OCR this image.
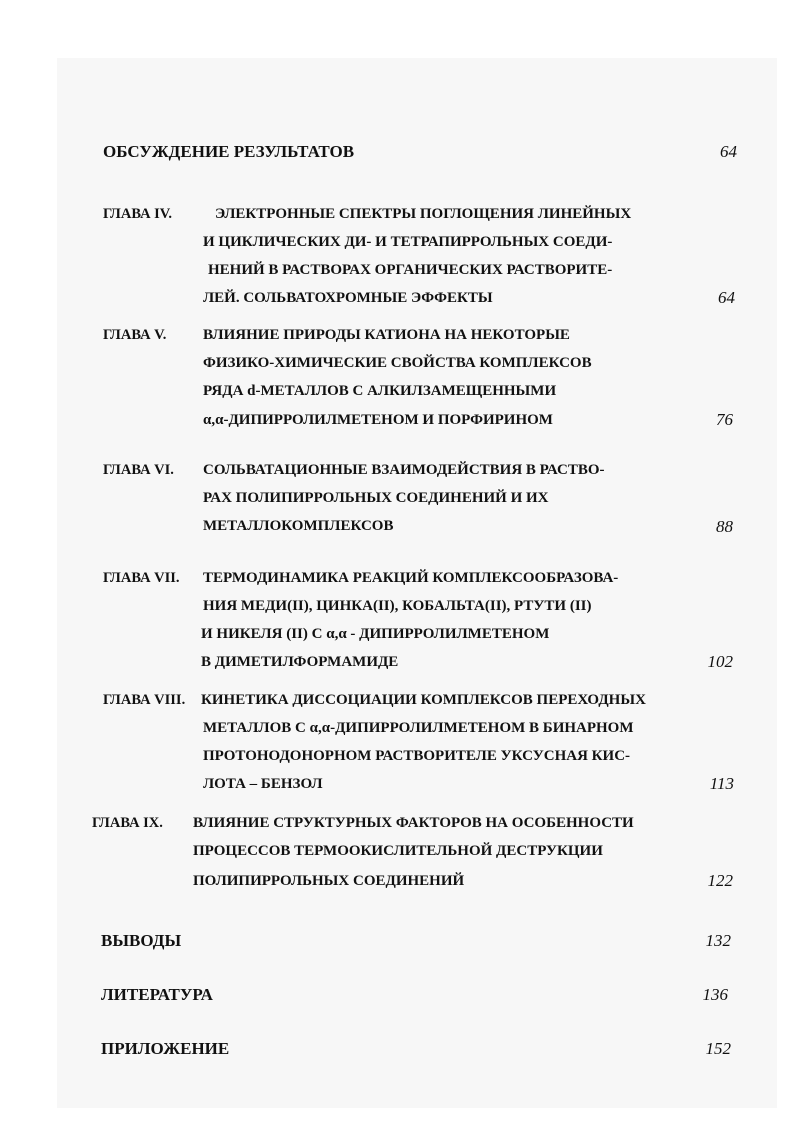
ОБСУЖДЕНИЕ РЕЗУЛЬТАТОВ	64
ГЛАВА IV.	ЭЛЕКТРОННЫЕ СПЕКТРЫ ПОГЛОЩЕНИЯ ЛИНЕЙНЫХ
И ЦИКЛИЧЕСКИХ ДИ- И ТЕТРАПИРРОЛЬНЫХ СОЕДИ-
НЕНИЙ В РАСТВОРАХ ОРГАНИЧЕСКИХ РАСТВОРИТЕ-
ЛЕЙ. СОЛЬВАТОХРОМНЫЕ ЭФФЕКТЫ	64
ГЛАВА V. ВЛИЯНИЕ ПРИРОДЫ КАТИОНА НА НЕКОТОРЫЕ
ФИЗИКО-ХИМИЧЕСКИЕ СВОЙСТВА КОМПЛЕКСОВ
РЯДА d-МЕТАЛЛОВ С АЛКИЛЗАМЕЩЕННЫМИ
α,α-ДИПИРРОЛИЛМЕТЕНОМ И ПОРФИРИНОМ	76
ГЛАВА VI. СОЛЬВАТАЦИОННЫЕ ВЗАИМОДЕЙСТВИЯ В РАСТВО-
РАХ ПОЛИПИРРОЛЬНЫХ СОЕДИНЕНИЙ И ИХ
МЕТАЛЛОКОМПЛЕКСОВ	88
ГЛАВА VII. ТЕРМОДИНАМИКА РЕАКЦИЙ КОМПЛЕКСООБРАЗОВА-
НИЯ МЕДИ(II), ЦИНКА(II), КОБАЛЬТА(II), РТУТИ (II)
И НИКЕЛЯ (II) С α,α - ДИПИРРОЛИЛМЕТЕНОМ
В ДИМЕТИЛФОРМАМИДЕ	102
ГЛАВА VIII. КИНЕТИКА ДИССОЦИАЦИИ КОМПЛЕКСОВ ПЕРЕХОДНЫХ
МЕТАЛЛОВ С α,α-ДИПИРРОЛИЛМЕТЕНОМ В БИНАРНОМ
ПРОТОНОДОНОРНОМ РАСТВОРИТЕЛЕ УКСУСНАЯ КИС-
ЛОТА – БЕНЗОЛ	113
ГЛАВА IX. ВЛИЯНИЕ СТРУКТУРНЫХ ФАКТОРОВ НА ОСОБЕННОСТИ
ПРОЦЕССОВ ТЕРМООКИСЛИТЕЛЬНОЙ ДЕСТРУКЦИИ
ПОЛИПИРРОЛЬНЫХ СОЕДИНЕНИЙ	122
ВЫВОДЫ	132
ЛИТЕРАТУРА	136
ПРИЛОЖЕНИЕ	152
